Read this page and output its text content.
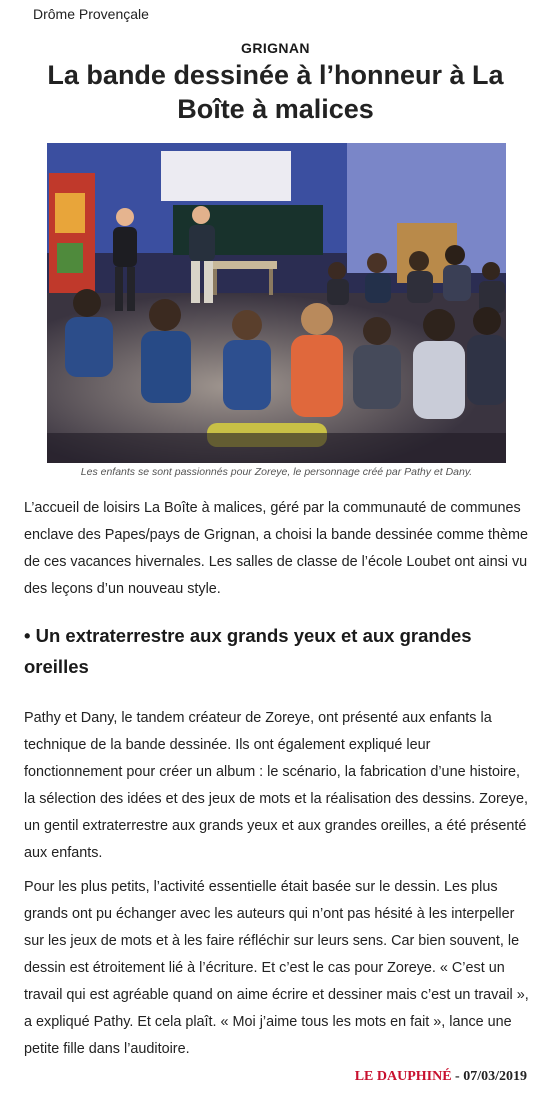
Drôme Provençale
GRIGNAN
La bande dessinée à l’honneur à La Boîte à malices
Les enfants se sont passionnés pour Zoreye, le personnage créé par Pathy et Dany.

L’accueil de loisirs La Boîte à malices, géré par la communauté de communes enclave des Papes/pays de Grignan, a choisi la bande dessinée comme thème de ces vacances hivernales. Les salles de classe de l’école Loubet ont ainsi vu des leçons d’un nouveau style.

• Un extraterrestre aux grands yeux et aux grandes oreilles

Pathy et Dany, le tandem créateur de Zoreye, ont présenté aux enfants la technique de la bande dessinée. Ils ont également expliqué leur fonctionnement pour créer un album : le scénario, la fabrication d’une histoire, la sélection des idées et des jeux de mots et la réalisation des dessins. Zoreye, un gentil extraterrestre aux grands yeux et aux grandes oreilles, a été présenté aux enfants.

Pour les plus petits, l’activité essentielle était basée sur le dessin. Les plus grands ont pu échanger avec les auteurs qui n’ont pas hésité à les interpeller sur les jeux de mots et à les faire réfléchir sur leurs sens. Car bien souvent, le dessin est étroitement lié à l’écriture. Et c’est le cas pour Zoreye. « C’est un travail qui est agréable quand on aime écrire et dessiner mais c’est un travail », a expliqué Pathy. Et cela plaît. « Moi j’aime tous les mots en fait », lance une petite fille dans l’auditoire.

LE DAUPHINÉ - 07/03/2019
